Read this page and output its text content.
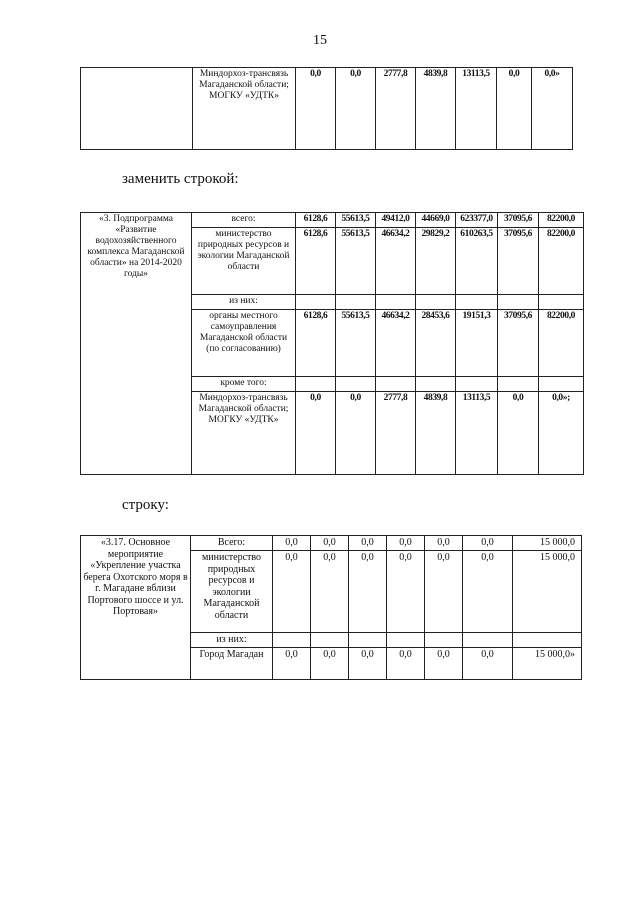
15
	Миндорхоз-трансвязь Магаданской области; МОГКУ «УДТК»	0,0	0,0	2777,8	4839,8	13113,5	0,0	0,0»
заменить строкой:
«3. Подпрограмма «Развитие водохозяйственного комплекса Магаданской области» на 2014-2020 годы»	всего:	6128,6	55613,5	49412,0	44669,0	623377,0	37095,6	82200,0
	министерство природных ресурсов и экологии Магаданской области	6128,6	55613,5	46634,2	29829,2	610263,5	37095,6	82200,0
	из них:							
	органы местного самоуправления Магаданской области (по согласованию)	6128,6	55613,5	46634,2	28453,6	19151,3	37095,6	82200,0
	кроме того:							
	Миндорхоз-трансвязь Магаданской области; МОГКУ «УДТК»	0,0	0,0	2777,8	4839,8	13113,5	0,0	0,0»;
строку:
«3.17. Основное мероприятие «Укрепление участка берега Охотского моря в г. Магадане вблизи Портового шоссе и ул. Портовая»	Всего:	0,0	0,0	0,0	0,0	0,0	0,0	15 000,0
	министерство природных ресурсов и экологии Магаданской области	0,0	0,0	0,0	0,0	0,0	0,0	15 000,0
	из них:							
	Город Магадан	0,0	0,0	0,0	0,0	0,0	0,0	15 000,0»
